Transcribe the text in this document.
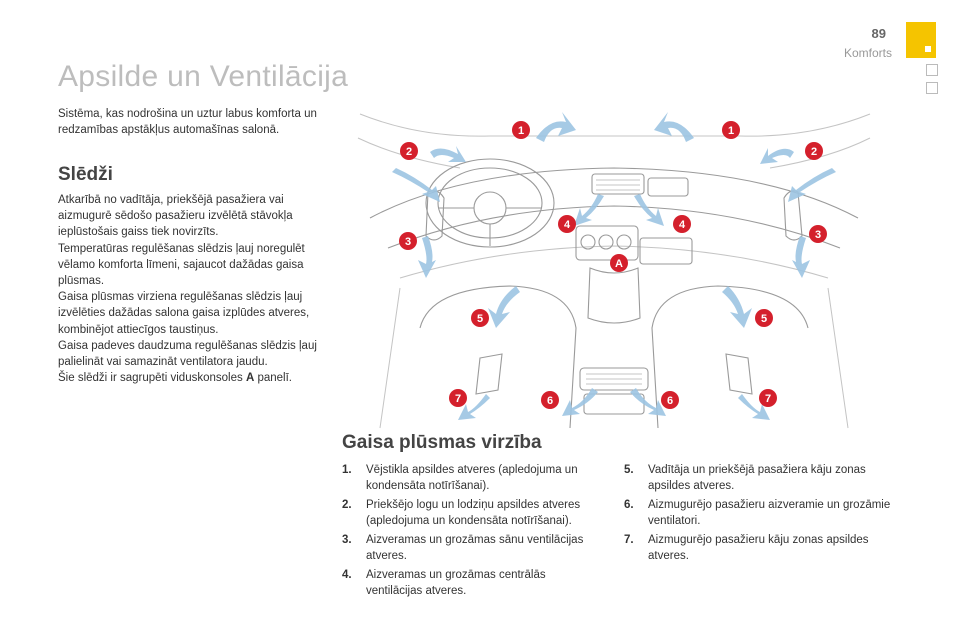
89
Komforts
Apsilde un Ventilācija
Sistēma, kas nodrošina un uztur labus komforta un redzamības apstākļus automašīnas salonā.
Slēdži

Atkarībā no vadītāja, priekšējā pasažiera vai aizmugurē sēdošo pasažieru izvēlētā stāvokļa ieplūstošais gaiss tiek novirzīts.

Temperatūras regulēšanas slēdzis ļauj noregulēt vēlamo komforta līmeni, sajaucot dažādas gaisa plūsmas.

Gaisa plūsmas virziena regulēšanas slēdzis ļauj izvēlēties dažādas salona gaisa izplūdes atveres, kombinējot attiecīgos taustiņus.

Gaisa padeves daudzuma regulēšanas slēdzis ļauj palielināt vai samazināt ventilatora jaudu.

Šie slēdži ir sagrupēti viduskonsoles A panelī.

1	1
2	2
3
3
4	4
A
5	5
6	6
7	7
Gaisa plūsmas virzība
1. Vējstikla apsildes atveres (apledojuma un kondensāta notīrīšanai).
2. Priekšējo logu un lodziņu apsildes atveres (apledojuma un kondensāta notīrīšanai).
3. Aizveramas un grozāmas sānu ventilācijas atveres.
4. Aizveramas un grozāmas centrālās ventilācijas atveres.
5. Vadītāja un priekšējā pasažiera kāju zonas apsildes atveres.
6. Aizmugurējo pasažieru aizveramie un grozāmie ventilatori.
7. Aizmugurējo pasažieru kāju zonas apsildes atveres.
